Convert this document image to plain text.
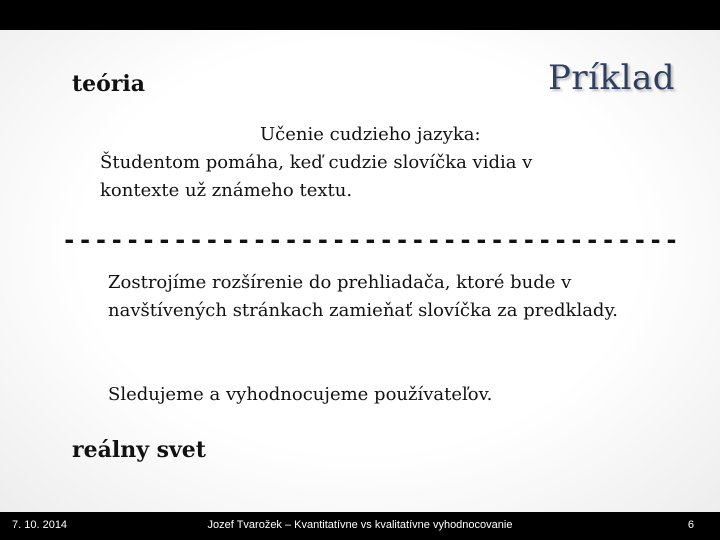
Príklad
teória
Učenie cudzieho jazyka:
Študentom pomáha, keď cudzie slovíčka vidia v
kontexte už známeho textu.
---------------------------------------
Zostrojíme rozšírenie do prehliadača, ktoré bude v navštívených stránkach zamieňať slovíčka za predklady.
Sledujeme a vyhodnocujeme používateľov.
reálny svet
7. 10. 2014	Jozef Tvarožek – Kvantitatívne vs kvalitatívne vyhodnocovanie	6
